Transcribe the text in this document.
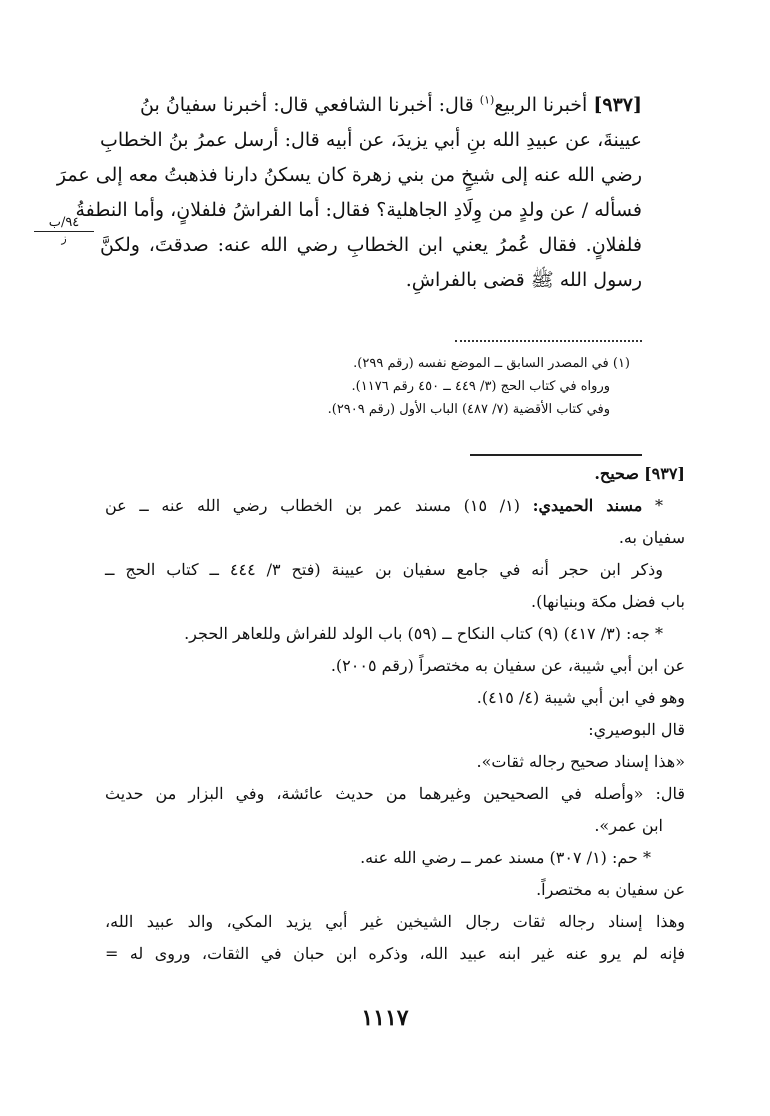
[٩٣٧] أخبرنا الربيع$^{(١)}$ قال: أخبرنا الشافعي قال: أخبرنا سفيانُ بنُ
عيينةَ، عن عبيدِ الله بنِ أبي يزيدَ، عن أبيه قال: أرسل عمرُ بنُ الخطابِ
رضي الله عنه إلى شيخٍ من بني زهرة كان يسكنُ دارنا فذهبتُ معه إلى عمرَ
فسأله / عن ولدٍ من وِلَادِ الجاهلية؟ فقال: أما الفراشُ فلفلانٍ، وأما النطفةُ
فلفلانٍ. فقال عُمرُ يعني ابن الخطابِ رضي الله عنه: صدقتَ، ولكنَّ
رسول الله ﷺ قضى بالفراشِ.
٩٤/ب
ز
(١) في المصدر السابق ــ الموضع نفسه (رقم ٢٩٩).
ورواه في كتاب الحج (٣/ ٤٤٩ ــ ٤٥٠ رقم ١١٧٦).
وفي كتاب الأقضية (٧/ ٤٨٧) الباب الأول (رقم ٢٩٠٩).
[٩٣٧] صحيح.
* مسند الحميدي: (١/ ١٥) مسند عمر بن الخطاب رضي الله عنه ــ عن
سفيان به.
وذكر ابن حجر أنه في جامع سفيان بن عيينة (فتح ٣/ ٤٤٤ ــ كتاب الحج ــ
باب فضل مكة وبنيانها).
* جه: (٣/ ٤١٧) (٩) كتاب النكاح ــ (٥٩) باب الولد للفراش وللعاهر الحجر.
عن ابن أبي شيبة، عن سفيان به مختصراً (رقم ٢٠٠٥).
وهو في ابن أبي شيبة (٤/ ٤١٥).
قال البوصيري:
«هذا إسناد صحيح رجاله ثقات».
قال: «وأصله في الصحيحين وغيرهما من حديث عائشة، وفي البزار من حديث
ابن عمر».
* حم: (١/ ٣٠٧) مسند عمر ــ رضي الله عنه.
عن سفيان به مختصراً.
وهذا إسناد رجاله ثقات رجال الشيخين غير أبي يزيد المكي، والد عبيد الله،
فإنه لم يرو عنه غير ابنه عبيد الله، وذكره ابن حبان في الثقات، وروى له =
١١١٧
